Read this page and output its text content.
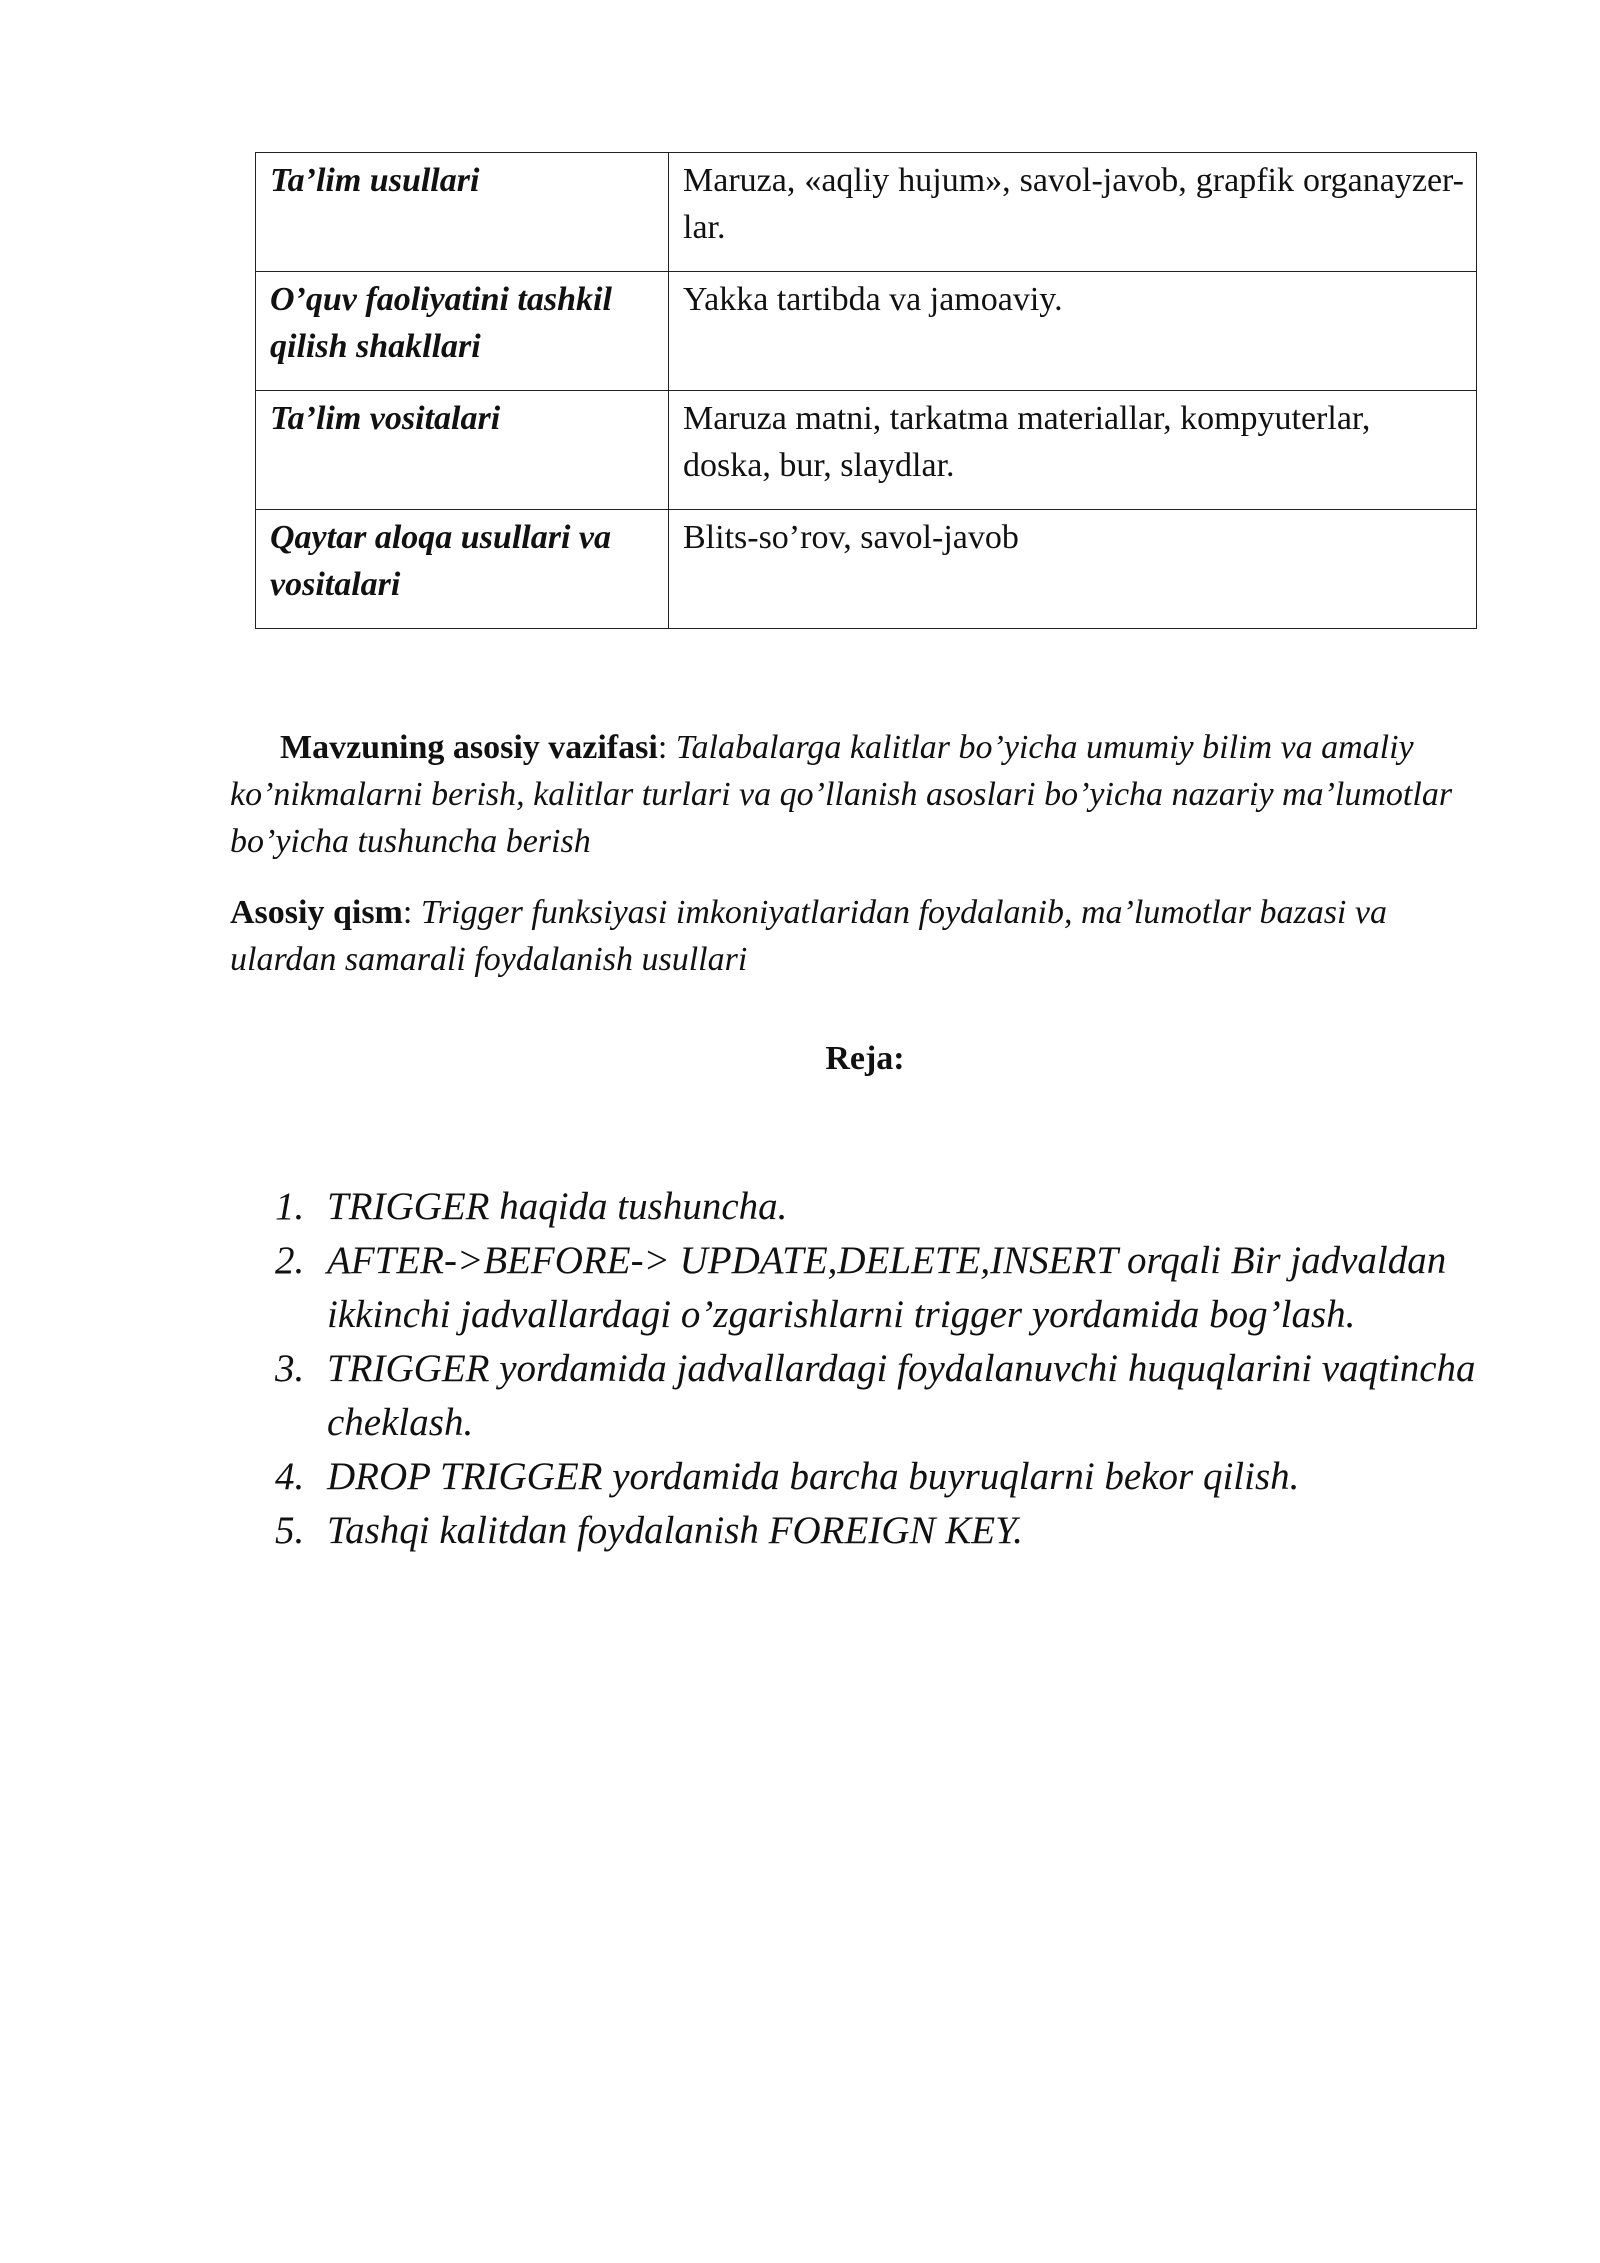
Ta’lim usullari	Maruza, «aqliy hujum», savol-javob, grapfik organayzer-lar.
O’quv faoliyatini tashkil qilish shakllari	Yakka tartibda va jamoaviy.
Ta’lim vositalari	Maruza matni, tarkatma materiallar, kompyuterlar, doska, bur, slaydlar.
Qaytar aloqa usullari va vositalari	Blits-so’rov, savol-javob

Mavzuning asosiy vazifasi: Talabalarga kalitlar bo’yicha umumiy bilim va amaliy ko’nikmalarni berish, kalitlar turlari va qo’llanish asoslari bo’yicha nazariy ma’lumotlar bo’yicha tushuncha berish

Asosiy qism: Trigger funksiyasi imkoniyatlaridan foydalanib, ma’lumotlar bazasi va ulardan samarali foydalanish usullari

Reja:
1. TRIGGER haqida tushuncha.
2. AFTER->BEFORE-> UPDATE,DELETE,INSERT orqali Bir jadvaldan ikkinchi jadvallardagi o’zgarishlarni trigger yordamida bog’lash.
3. TRIGGER yordamida jadvallardagi foydalanuvchi huquqlarini vaqtincha cheklash.
4. DROP TRIGGER yordamida barcha buyruqlarni bekor qilish.
5. Tashqi kalitdan foydalanish FOREIGN KEY.
